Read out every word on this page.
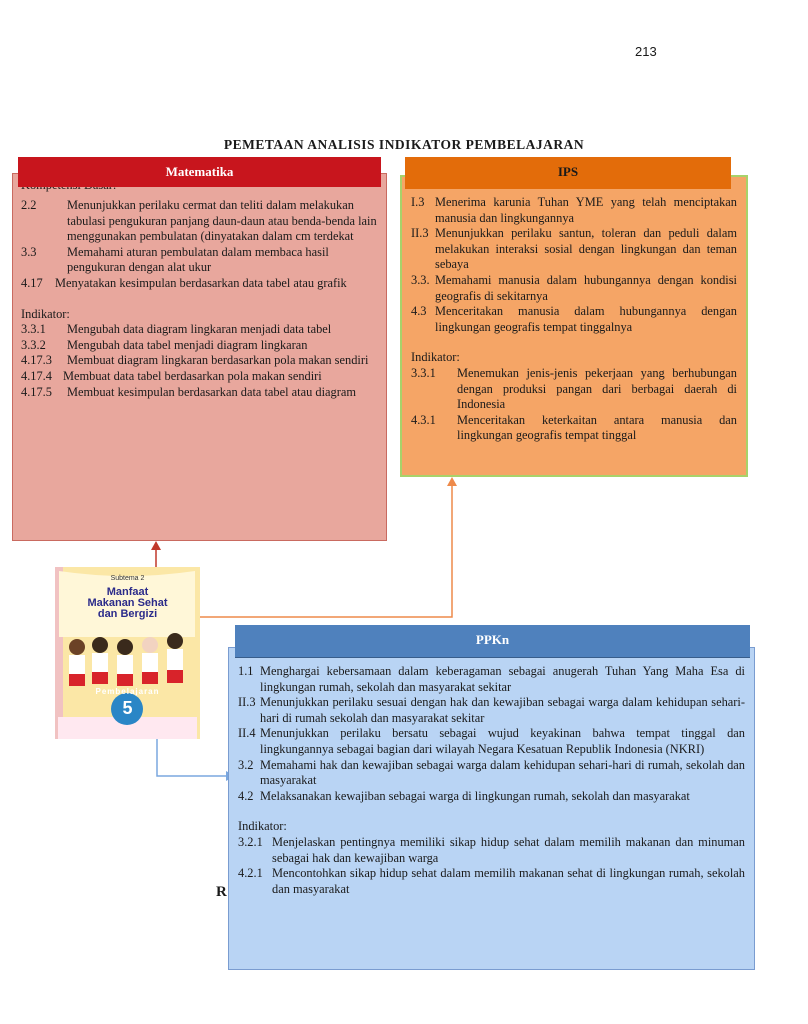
213
PEMETAAN ANALISIS INDIKATOR PEMBELAJARAN
R
2.2	Menunjukkan perilaku cermat dan teliti dalam melakukan tabulasi pengukuran panjang daun-daun atau benda-benda lain menggunakan pembulatan (dinyatakan dalam cm terdekat
3.3	Memahami aturan pembulatan dalam membaca hasil pengukuran dengan alat ukur
4.17 Menyatakan kesimpulan berdasarkan data tabel atau grafik
Indikator:
3.3.1	Mengubah data diagram lingkaran menjadi data tabel
3.3.2	Mengubah data tabel menjadi diagram lingkaran
4.17.3	Membuat diagram lingkaran berdasarkan pola makan sendiri
4.17.4 Membuat data tabel berdasarkan pola makan sendiri
4.17.5	Membuat kesimpulan berdasarkan data tabel atau diagram
Matematika
I.3 Menerima karunia Tuhan YME yang telah menciptakan manusia dan lingkungannya
II.3 Menunjukkan perilaku santun, toleran dan peduli dalam melakukan interaksi sosial dengan lingkungan dan teman sebaya
3.3. Memahami manusia dalam hubungannya dengan kondisi geografis di sekitarnya
4.3 Menceritakan manusia dalam hubungannya dengan lingkungan geografis tempat tinggalnya
Indikator:
3.3.1	Menemukan jenis-jenis pekerjaan yang berhubungan dengan produksi pangan dari berbagai daerah di Indonesia
4.3.1	Menceritakan keterkaitan antara manusia dan lingkungan geografis tempat tinggal
IPS
Subtema 2
Manfaat
Makanan Sehat
dan Bergizi
Pembelajaran
5
1.1 Menghargai kebersamaan dalam keberagaman sebagai anugerah Tuhan Yang Maha Esa di lingkungan rumah, sekolah dan masyarakat sekitar
II.3 Menunjukkan perilaku sesuai dengan hak dan kewajiban sebagai warga dalam kehidupan sehari-hari di rumah sekolah dan masyarakat sekitar
II.4 Menunjukkan perilaku bersatu sebagai wujud keyakinan bahwa tempat tinggal dan lingkungannya sebagai bagian dari wilayah Negara Kesatuan Republik Indonesia (NKRI)
3.2 Memahami hak dan kewajiban sebagai warga dalam kehidupan sehari-hari di rumah, sekolah dan masyarakat
4.2 Melaksanakan kewajiban sebagai warga di lingkungan rumah, sekolah dan masyarakat
Indikator:
3.2.1 Menjelaskan pentingnya memiliki sikap hidup sehat dalam memilih makanan dan minuman sebagai hak dan kewajiban warga
4.2.1 Mencontohkan sikap hidup sehat dalam memilih makanan sehat di lingkungan rumah, sekolah dan masyarakat
PPKn
